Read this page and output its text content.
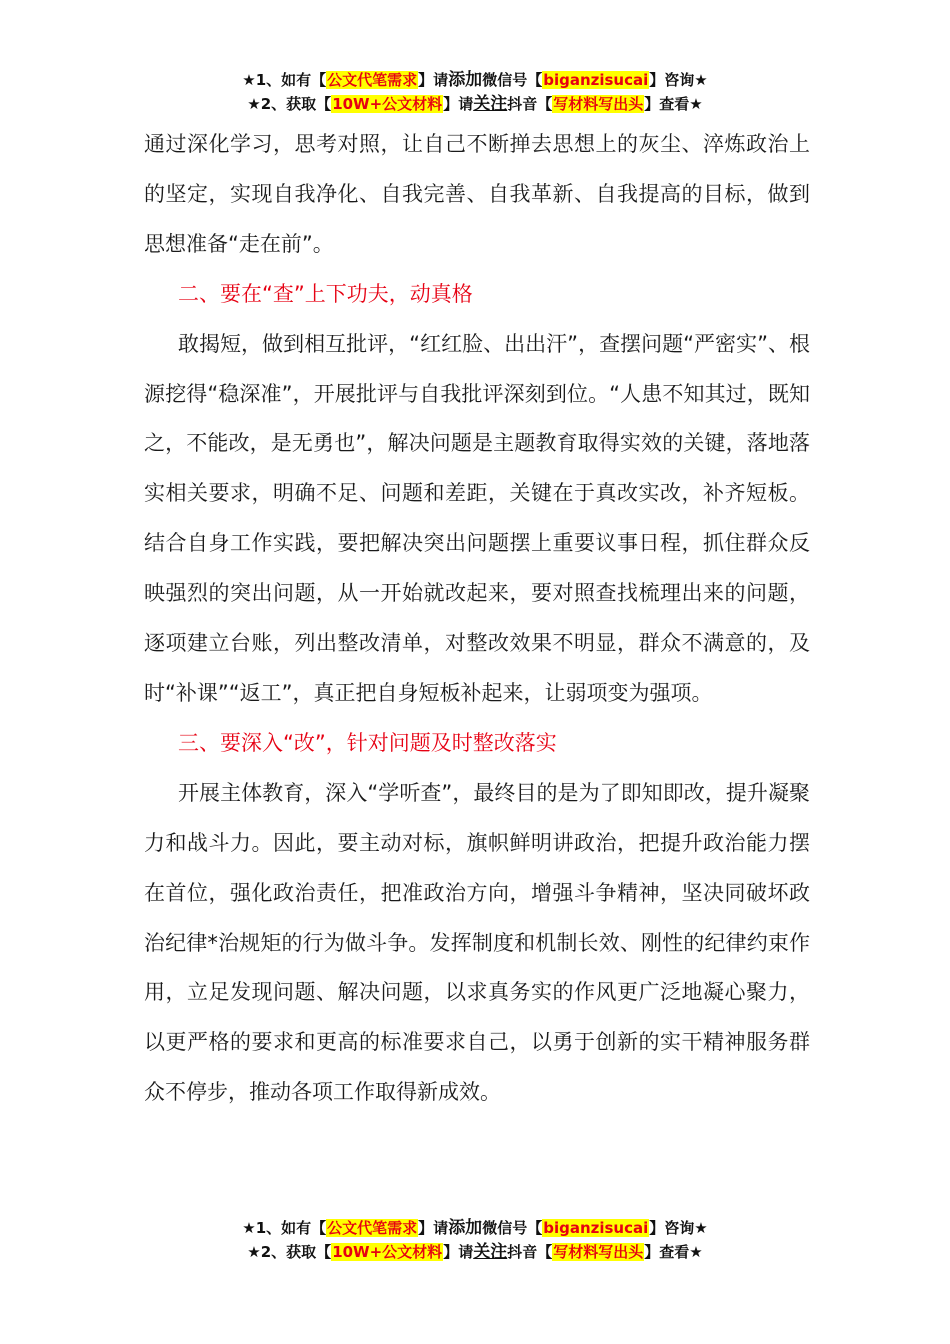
★1、如有【公文代笔需求】请添加微信号【biganzisucai】咨询★
★2、获取【10W+公文材料】请关注抖音【写材料写出头】查看★

通过深化学习，思考对照，让自己不断掸去思想上的灰尘、淬炼政治上的坚定，实现自我净化、自我完善、自我革新、自我提高的目标，做到思想准备“走在前”。

二、要在“查”上下功夫，动真格

敢揭短，做到相互批评，“红红脸、出出汗”，查摆问题“严密实”、根源挖得“稳深准”，开展批评与自我批评深刻到位。“人患不知其过，既知之，不能改，是无勇也”，解决问题是主题教育取得实效的关键，落地落实相关要求，明确不足、问题和差距，关键在于真改实改，补齐短板。结合自身工作实践，要把解决突出问题摆上重要议事日程，抓住群众反映强烈的突出问题，从一开始就改起来，要对照查找梳理出来的问题，逐项建立台账，列出整改清单，对整改效果不明显，群众不满意的，及时“补课”“返工”，真正把自身短板补起来，让弱项变为强项。

三、要深入“改”，针对问题及时整改落实

开展主体教育，深入“学听查”，最终目的是为了即知即改，提升凝聚力和战斗力。因此，要主动对标，旗帜鲜明讲政治，把提升政治能力摆在首位，强化政治责任，把准政治方向，增强斗争精神，坚决同破坏政治纪律*治规矩的行为做斗争。发挥制度和机制长效、刚性的纪律约束作用，立足发现问题、解决问题，以求真务实的作风更广泛地凝心聚力，以更严格的要求和更高的标准要求自己，以勇于创新的实干精神服务群众不停步，推动各项工作取得新成效。

★1、如有【公文代笔需求】请添加微信号【biganzisucai】咨询★
★2、获取【10W+公文材料】请关注抖音【写材料写出头】查看★
